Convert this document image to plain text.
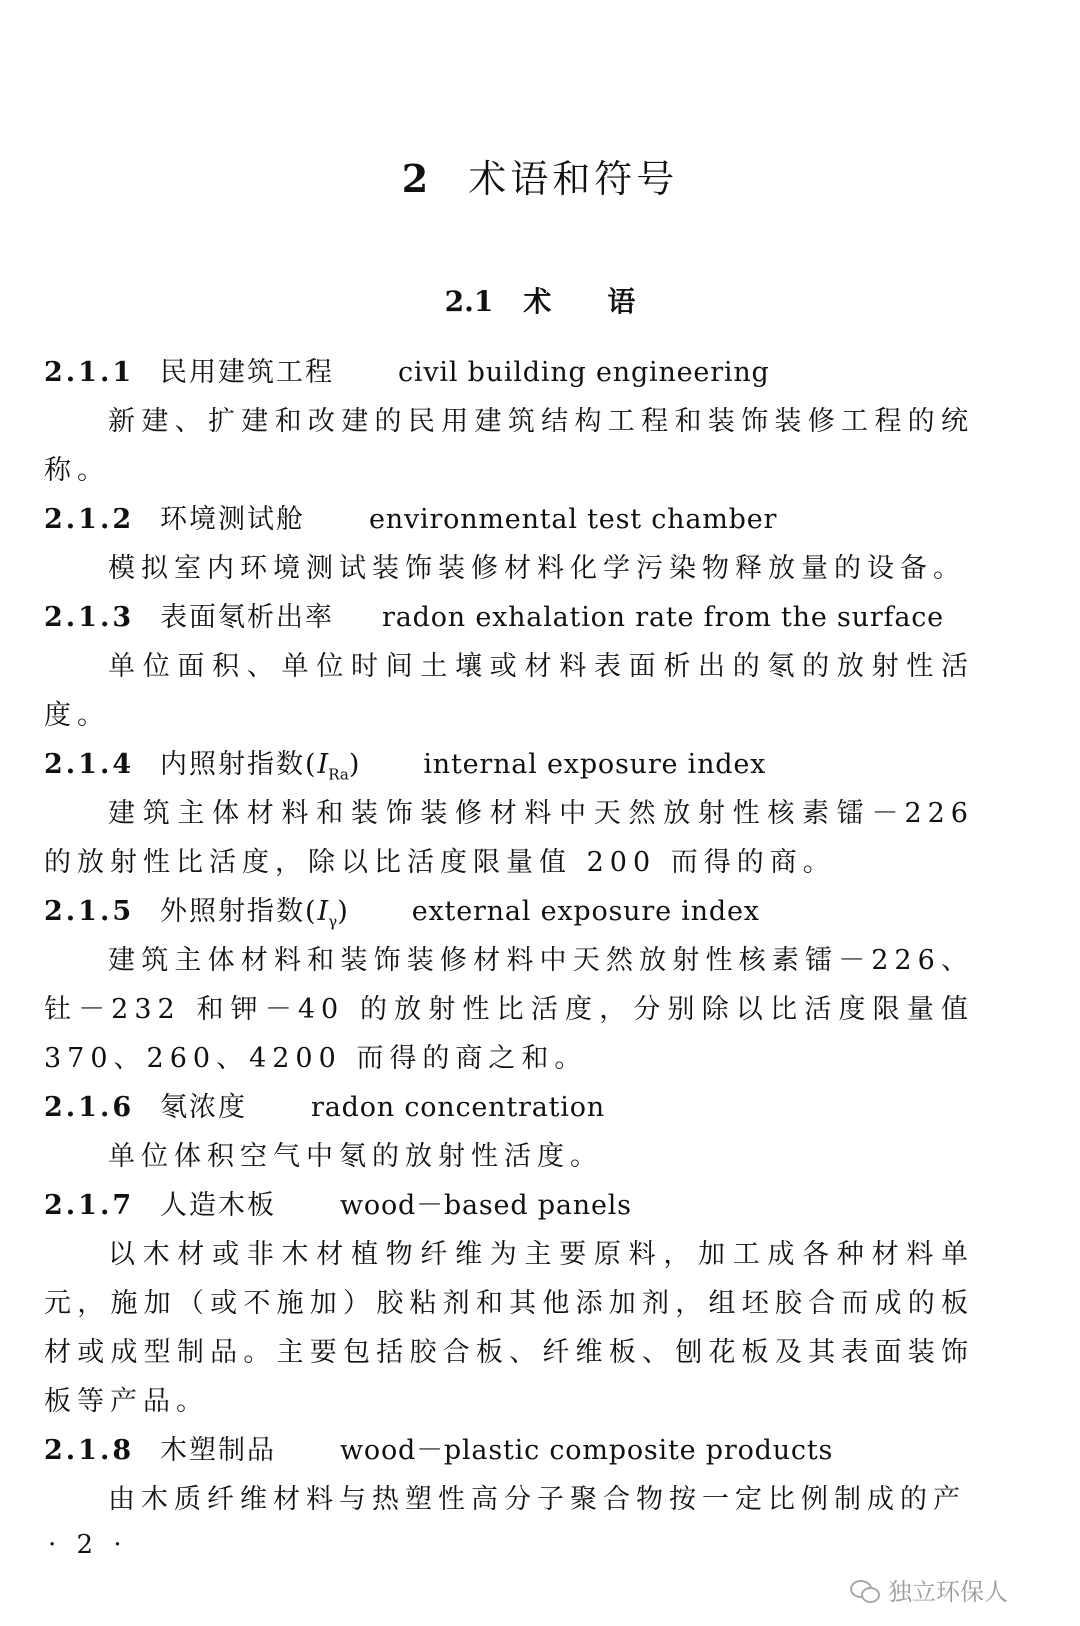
2 术语和符号
2.1 术语
2.1.1 民用建筑工程 civil building engineering
新建、扩建和改建的民用建筑结构工程和装饰装修工程的统称。
2.1.2 环境测试舱 environmental test chamber
模拟室内环境测试装饰装修材料化学污染物释放量的设备。
2.1.3 表面氡析出率 radon exhalation rate from the surface
单位面积、单位时间土壤或材料表面析出的氡的放射性活度。
2.1.4 内照射指数$(I_{Ra})$ internal exposure index
建筑主体材料和装饰装修材料中天然放射性核素镭－226 的放射性比活度，除以比活度限量值 200 而得的商。
2.1.5 外照射指数$(I_\gamma)$ external exposure index
建筑主体材料和装饰装修材料中天然放射性核素镭－226、钍－232 和钾－40 的放射性比活度，分别除以比活度限量值 370、260、4200 而得的商之和。
2.1.6 氡浓度 radon concentration
单位体积空气中氡的放射性活度。
2.1.7 人造木板 wood－based panels
以木材或非木材植物纤维为主要原料，加工成各种材料单元，施加（或不施加）胶粘剂和其他添加剂，组坯胶合而成的板材或成型制品。主要包括胶合板、纤维板、刨花板及其表面装饰板等产品。
2.1.8 木塑制品 wood－plastic composite products
由木质纤维材料与热塑性高分子聚合物按一定比例制成的产
· 2 ·
独立环保人
